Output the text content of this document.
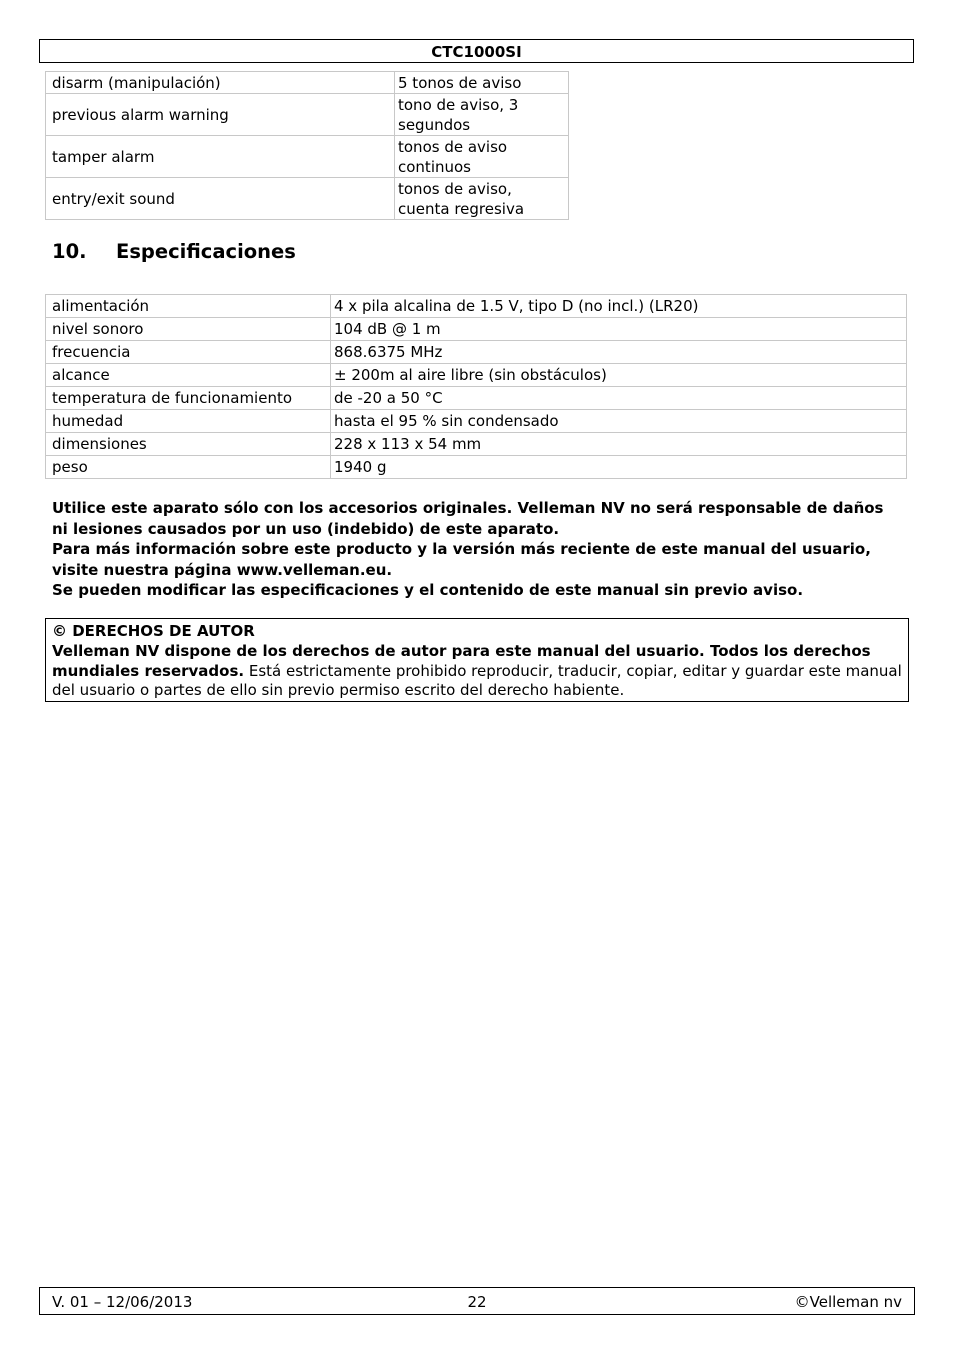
CTC1000SI
disarm (manipulación)	5 tonos de aviso
previous alarm warning	tono de aviso, 3 segundos
tamper alarm	tonos de aviso continuos
entry/exit sound	tonos de aviso, cuenta regresiva
10. Especificaciones
alimentación	4 x pila alcalina de 1.5 V, tipo D (no incl.) (LR20)
nivel sonoro	104 dB @ 1 m
frecuencia	868.6375 MHz
alcance	± 200m al aire libre (sin obstáculos)
temperatura de funcionamiento	de -20 a 50 °C
humedad	hasta el 95 % sin condensado
dimensiones	228 x 113 x 54 mm
peso	1940 g

Utilice este aparato sólo con los accesorios originales. Velleman NV no será responsable de daños ni lesiones causados por un uso (indebido) de este aparato.

Para más información sobre este producto y la versión más reciente de este manual del usuario, visite nuestra página www.velleman.eu.

Se pueden modificar las especificaciones y el contenido de este manual sin previo aviso.

© DERECHOS DE AUTOR
Velleman NV dispone de los derechos de autor para este manual del usuario. Todos los derechos mundiales reservados. Está estrictamente prohibido reproducir, traducir, copiar, editar y guardar este manual del usuario o partes de ello sin previo permiso escrito del derecho habiente.
V. 01 – 12/06/2013	22	©Velleman nv
